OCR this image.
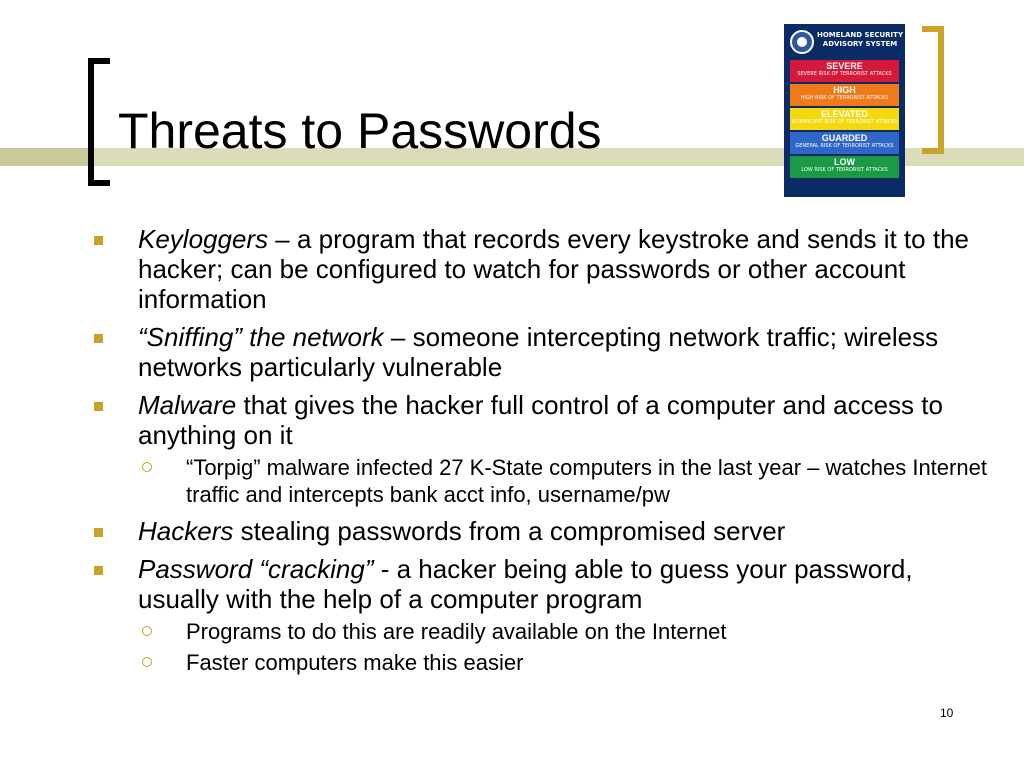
Threats to Passwords
HOMELAND SECURITY ADVISORY SYSTEM
SEVERE
SEVERE RISK OF TERRORIST ATTACKS
HIGH
HIGH RISK OF TERRORIST ATTACKS
ELEVATED
SIGNIFICANT RISK OF TERRORIST ATTACKS
GUARDED
GENERAL RISK OF TERRORIST ATTACKS
LOW
LOW RISK OF TERRORIST ATTACKS
Keyloggers – a program that records every keystroke and sends it to the hacker; can be configured to watch for passwords or other account information
“Sniffing” the network – someone intercepting network traffic; wireless networks particularly vulnerable
Malware that gives the hacker full control of a computer and access to anything on it
“Torpig” malware infected 27 K-State computers in the last year – watches Internet traffic and intercepts bank acct info, username/pw
Hackers stealing passwords from a compromised server
Password “cracking” - a hacker being able to guess your password, usually with the help of a computer program
Programs to do this are readily available on the Internet
Faster computers make this easier
10
